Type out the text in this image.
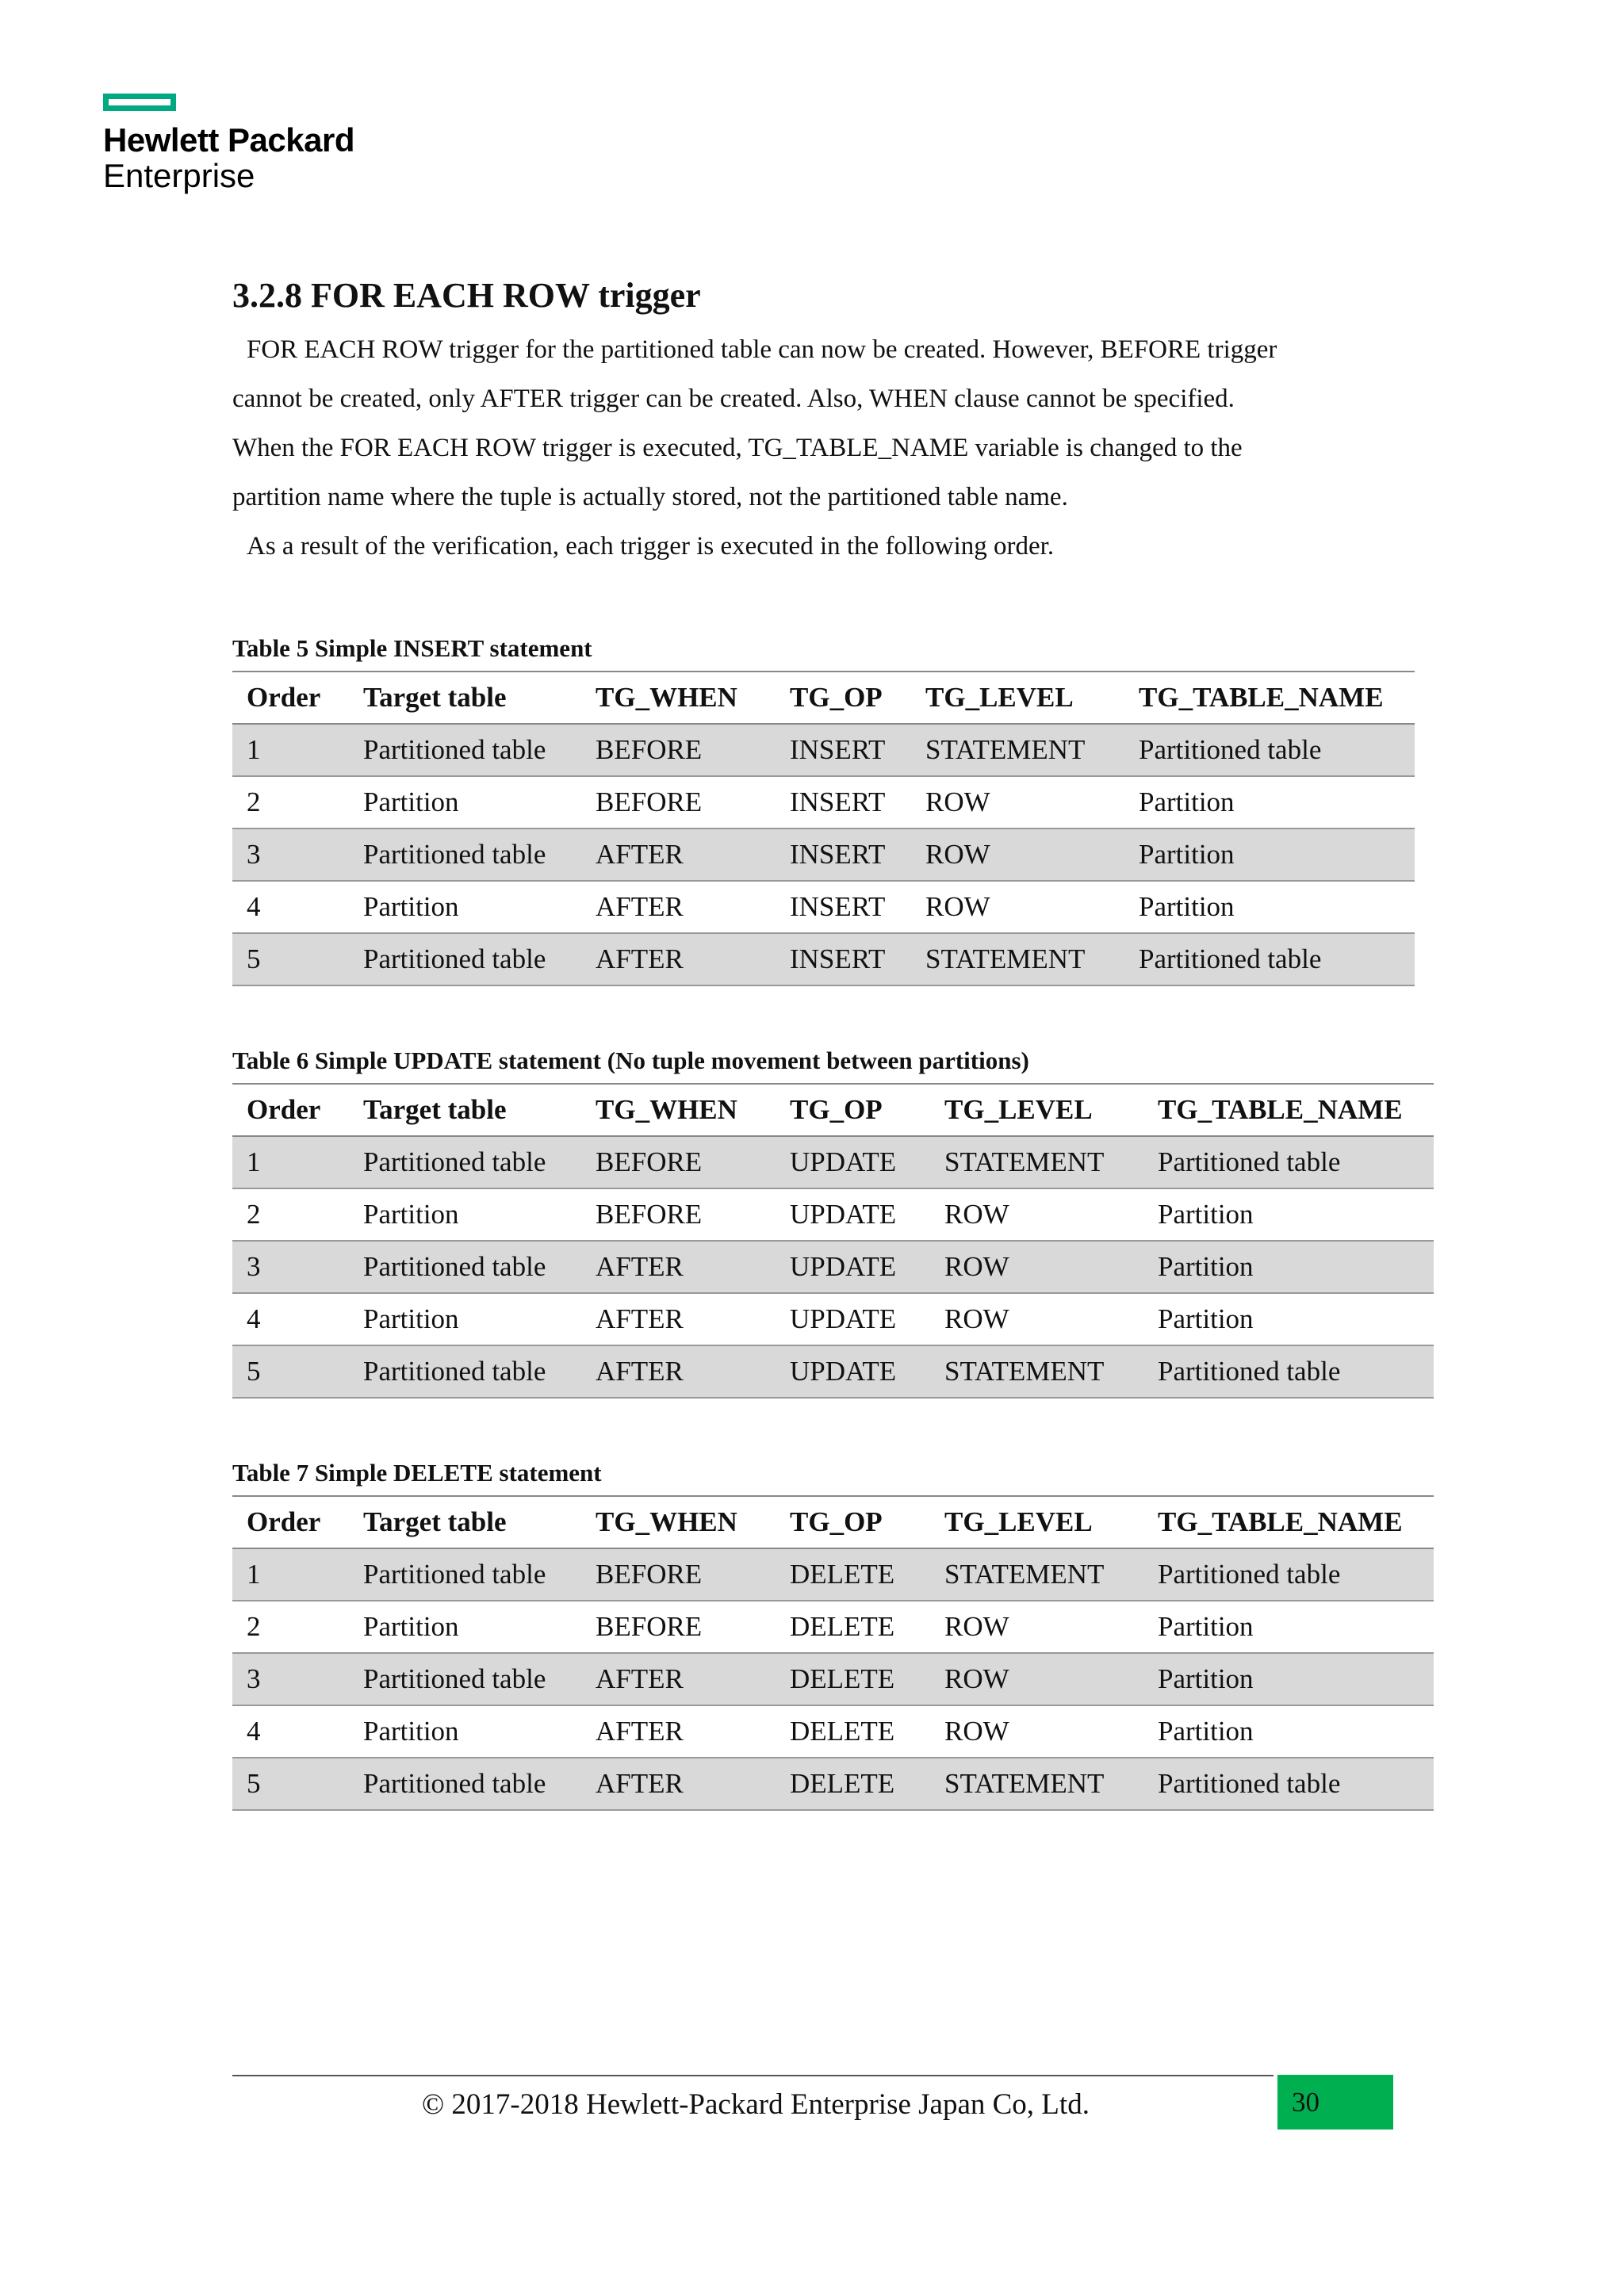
Hewlett Packard
Enterprise
3.2.8 FOR EACH ROW trigger

FOR EACH ROW trigger for the partitioned table can now be created. However, BEFORE trigger

cannot be created, only AFTER trigger can be created. Also, WHEN clause cannot be specified.

When the FOR EACH ROW trigger is executed, TG_TABLE_NAME variable is changed to the

partition name where the tuple is actually stored, not the partitioned table name.

As a result of the verification, each trigger is executed in the following order.

Table 5 Simple INSERT statement

Order	Target table	TG_WHEN	TG_OP	TG_LEVEL	TG_TABLE_NAME
1	Partitioned table	BEFORE	INSERT	STATEMENT	Partitioned table
2	Partition	BEFORE	INSERT	ROW	Partition
3	Partitioned table	AFTER	INSERT	ROW	Partition
4	Partition	AFTER	INSERT	ROW	Partition
5	Partitioned table	AFTER	INSERT	STATEMENT	Partitioned table

Table 6 Simple UPDATE statement (No tuple movement between partitions)

Order	Target table	TG_WHEN	TG_OP	TG_LEVEL	TG_TABLE_NAME
1	Partitioned table	BEFORE	UPDATE	STATEMENT	Partitioned table
2	Partition	BEFORE	UPDATE	ROW	Partition
3	Partitioned table	AFTER	UPDATE	ROW	Partition
4	Partition	AFTER	UPDATE	ROW	Partition
5	Partitioned table	AFTER	UPDATE	STATEMENT	Partitioned table

Table 7 Simple DELETE statement

Order	Target table	TG_WHEN	TG_OP	TG_LEVEL	TG_TABLE_NAME
1	Partitioned table	BEFORE	DELETE	STATEMENT	Partitioned table
2	Partition	BEFORE	DELETE	ROW	Partition
3	Partitioned table	AFTER	DELETE	ROW	Partition
4	Partition	AFTER	DELETE	ROW	Partition
5	Partitioned table	AFTER	DELETE	STATEMENT	Partitioned table
© 2017-2018 Hewlett-Packard Enterprise Japan Co, Ltd.	30
